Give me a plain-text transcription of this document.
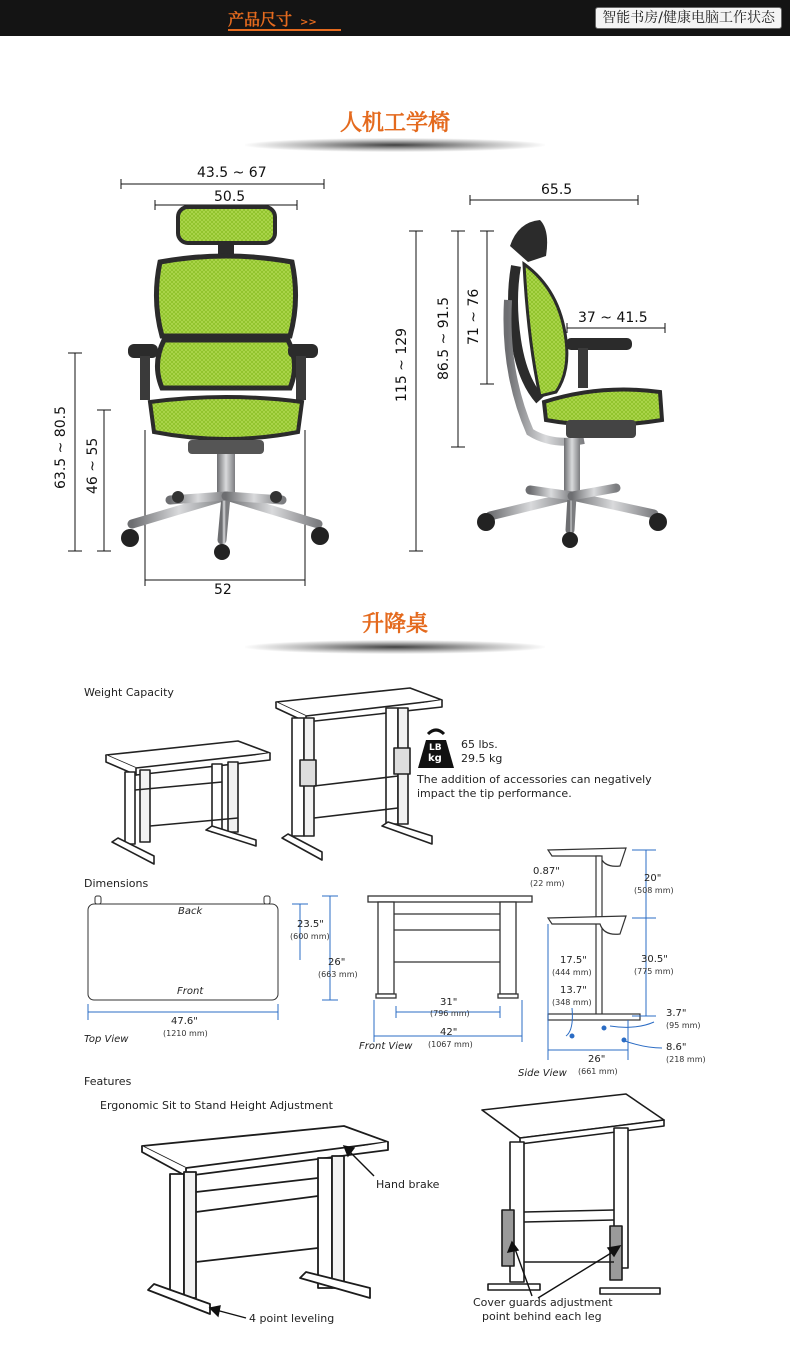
产品尺寸 >>	智能书房/健康电脑工作状态
人机工学椅
43.5 ~ 67
50.5
63.5 ~ 80.5 46 ~ 55
52
65.5
115 ~ 129 86.5 ~ 91.5 71 ~ 76	37 ~ 41.5
升降桌
Weight Capacity
LB
kg
65 lbs.
29.5 kg
The addition of accessories can negatively
impact the tip performance.
Dimensions
Back
Front
23.5"
(600 mm)
26"
(663 mm)
47.6"
(1210 mm)
Top View
31"
(796 mm)
42"
(1067 mm)
Front View
0.87"
(22 mm)	20"
(508 mm)
17.5"
(444 mm)
30.5"
(775 mm)
13.7"
(348 mm)
3.7"
(95 mm)
26"
(661 mm)
8.6"
(218 mm)
Side View
Features
Ergonomic Sit to Stand Height Adjustment
Hand brake
4 point leveling
Cover guards adjustment
point behind each leg
